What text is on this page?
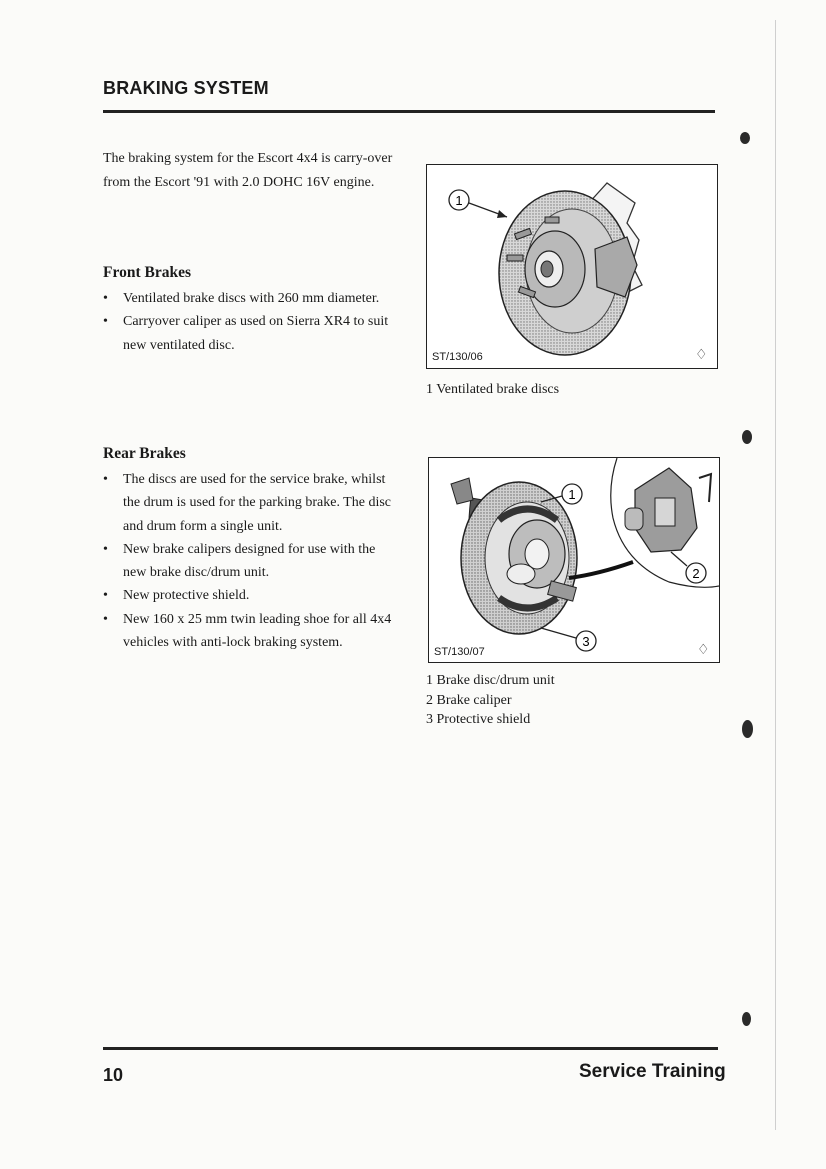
BRAKING SYSTEM
The braking system for the Escort 4x4 is carry-over from the Escort '91 with 2.0 DOHC 16V engine.
Front Brakes
• Ventilated brake discs with 260 mm diameter.
• Carryover caliper as used on Sierra XR4 to suit new ventilated disc.
Rear Brakes
• The discs are used for the service brake, whilst the drum is used for the parking brake. The disc and drum form a single unit.
• New brake calipers designed for use with the new brake disc/drum unit.
• New protective shield.
• New 160 x 25 mm twin leading shoe for all 4x4 vehicles with anti-lock braking system.
1
ST/130/06	♢
1 Ventilated brake discs
1
2
3
ST/130/07	♢
1 Brake disc/drum unit
2 Brake caliper
3 Protective shield
10	Service Training
